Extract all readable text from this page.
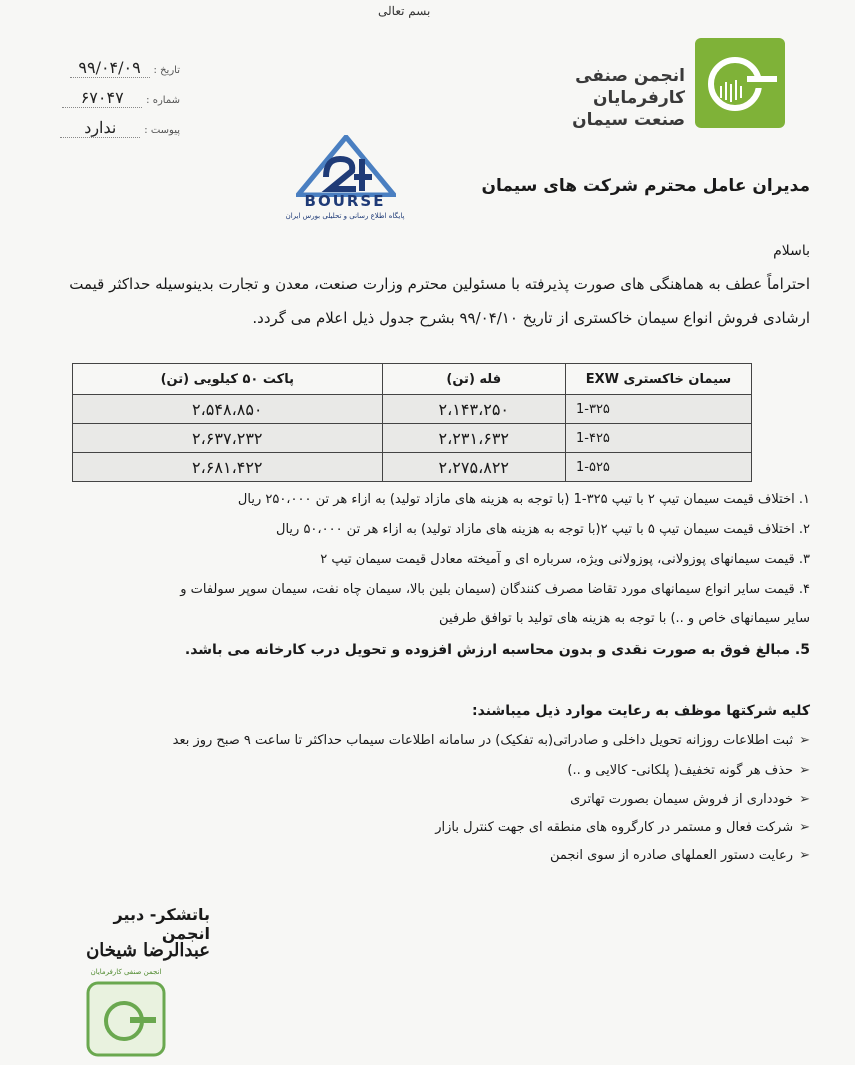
بسم تعالی
تاریخ :۹۹/۰۴/۰۹
شماره :۶۷۰۴۷
پیوست :ندارد
انجمن صنفی
کارفرمایان
صنعت سیمان
BOURSE
پایگاه اطلاع رسانی و تحلیلی بورس ایران
مدیران عامل محترم شرکت های سیمان
باسلام
احتراماً عطف به هماهنگی های صورت پذیرفته با مسئولین محترم وزارت صنعت، معدن و تجارت بدینوسیله حداکثر قیمت
ارشادی فروش انواع سیمان خاکستری از تاریخ ۹۹/۰۴/۱۰ بشرح جدول ذیل اعلام می گردد.
سیمان خاکستری EXW	فله (تن)	پاکت ۵۰ کیلویی (تن)
1-۳۲۵	۲،۱۴۳،۲۵۰	۲،۵۴۸،۸۵۰
1-۴۲۵	۲،۲۳۱،۶۳۲	۲،۶۳۷،۲۳۲
1-۵۲۵	۲،۲۷۵،۸۲۲	۲،۶۸۱،۴۲۲
۱. اختلاف قیمت سیمان تیپ ۲ با تیپ ۳۲۵-1 (با توجه به هزینه های مازاد تولید) به ازاء هر تن ۲۵۰،۰۰۰ ریال
۲. اختلاف قیمت سیمان تیپ ۵ با تیپ ۲(با توجه به هزینه های مازاد تولید) به ازاء هر تن ۵۰،۰۰۰ ریال
۳. قیمت سیمانهای پوزولانی، پوزولانی ویژه، سرباره ای و آمیخته معادل قیمت سیمان تیپ ۲
۴. قیمت سایر انواع سیمانهای مورد تقاضا مصرف کنندگان (سیمان بلین بالا، سیمان چاه نفت، سیمان سوپر سولفات و
سایر سیمانهای خاص و ..) با توجه به هزینه های تولید با توافق طرفین
5. مبالغ فوق به صورت نقدی و بدون محاسبه ارزش افزوده و تحویل درب کارخانه می باشد.
کلیه شرکتها موظف به رعایت موارد ذیل میباشند:
➢ثبت اطلاعات روزانه تحویل داخلی و صادراتی(به تفکیک) در سامانه اطلاعات سیماب حداکثر تا ساعت ۹ صبح روز بعد
➢حذف هر گونه تخفیف( پلکانی- کالایی و ..)
➢خودداری از فروش سیمان بصورت تهاتری
➢شرکت فعال و مستمر در کارگروه های منطقه ای جهت کنترل بازار
➢رعایت دستور العملهای صادره از سوی انجمن
باتشکر- دبیر انجمن
عبدالرضا شیخان
انجمن صنفی کارفرمایان
